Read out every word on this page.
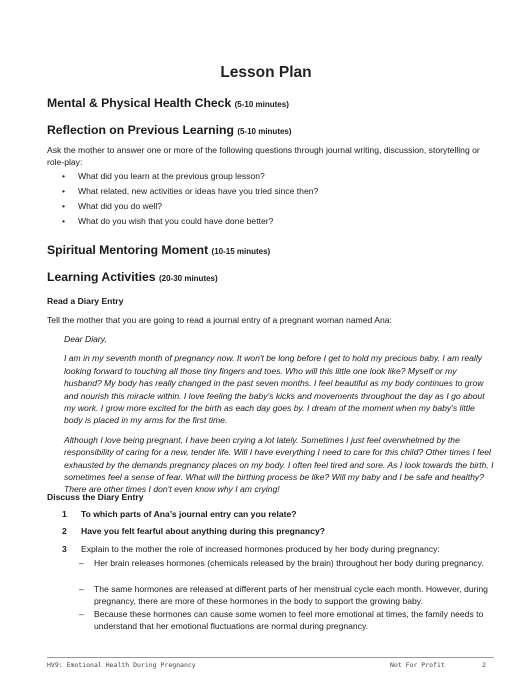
Lesson Plan
Mental & Physical Health Check (5-10 minutes)
Reflection on Previous Learning (5-10 minutes)
Ask the mother to answer one or more of the following questions through journal writing, discussion, storytelling or role-play:
• What did you learn at the previous group lesson?
• What related, new activities or ideas have you tried since then?
• What did you do well?
• What do you wish that you could have done better?
Spiritual Mentoring Moment (10-15 minutes)
Learning Activities (20-30 minutes)
Read a Diary Entry
Tell the mother that you are going to read a journal entry of a pregnant woman named Ana:

Dear Diary,

I am in my seventh month of pregnancy now. It won't be long before I get to hold my precious baby. I am really looking forward to touching all those tiny fingers and toes. Who will this little one look like? Myself or my husband? My body has really changed in the past seven months. I feel beautiful as my body continues to grow and nourish this miracle within. I love feeling the baby's kicks and movements throughout the day as I go about my work. I grow more excited for the birth as each day goes by. I dream of the moment when my baby's little body is placed in my arms for the first time.

Although I love being pregnant, I have been crying a lot lately. Sometimes I just feel overwhelmed by the responsibility of caring for a new, tender life. Will I have everything I need to care for this child? Other times I feel exhausted by the demands pregnancy places on my body. I often feel tired and sore. As I look towards the birth, I sometimes feel a sense of fear. What will the birthing process be like? Will my baby and I be safe and healthy? There are other times I don't even know why I am crying!

Discuss the Diary Entry
1 To which parts of Ana’s journal entry can you relate?
2 Have you felt fearful about anything during this pregnancy?
3 Explain to the mother the role of increased hormones produced by her body during pregnancy:
– Her brain releases hormones (chemicals released by the brain) throughout her body during pregnancy.
– The same hormones are released at different parts of her menstrual cycle each month. However, during pregnancy, there are more of these hormones in the body to support the growing baby.
– Because these hormones can cause some women to feel more emotional at times, the family needs to understand that her emotional fluctuations are normal during pregnancy.
HV9: Emotional Health During Pregnancy	Not For Profit	2
